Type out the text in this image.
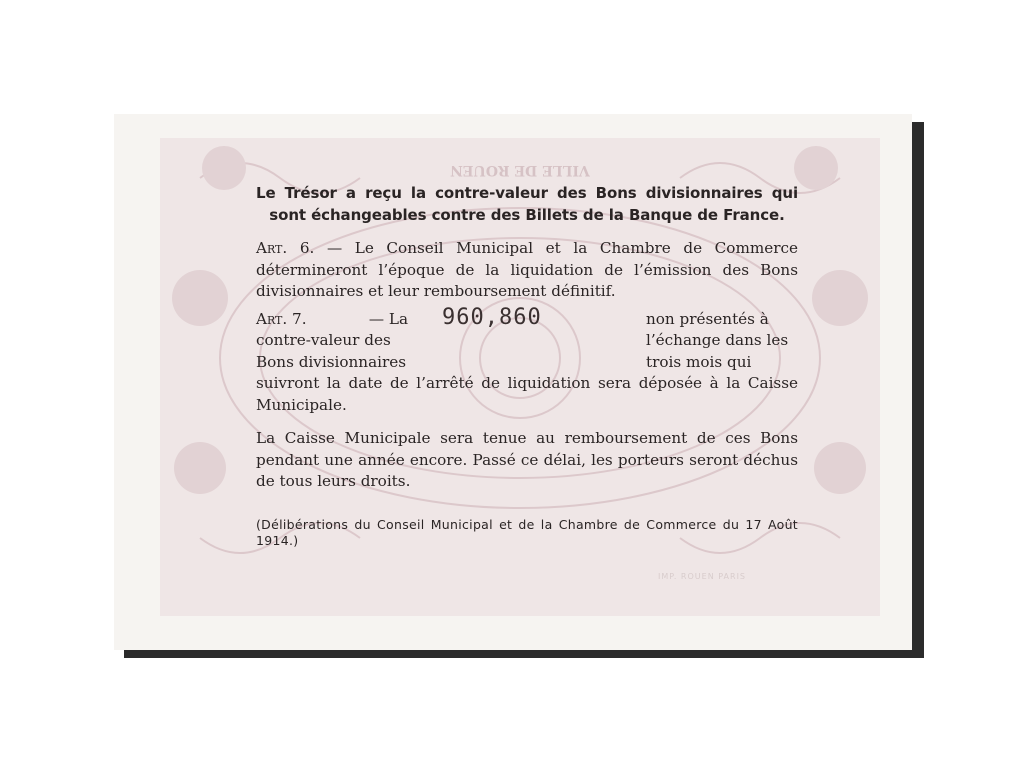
VILLE DE ROUEN

Le Trésor a reçu la contre-valeur des Bons divisionnaires qui sont échangeables contre des Billets de la Banque de France.

Art. 6. — Le Conseil Municipal et la Chambre de Commerce détermineront l’époque de la liquidation de l’émission des Bons divisionnaires et leur remboursement définitif.

Art. 7.	— La
contre-valeur des
Bons divisionnaires
non présentés à
l’échange dans les
trois mois qui
960,860

suivront la date de l’arrêté de liquidation sera déposée à la Caisse Municipale.

La Caisse Municipale sera tenue au remboursement de ces Bons pendant une année encore. Passé ce délai, les porteurs seront déchus de tous leurs droits.

(Délibérations du Conseil Municipal et de la Chambre de Commerce du 17 Août 1914.)

IMP. ROUEN PARIS
